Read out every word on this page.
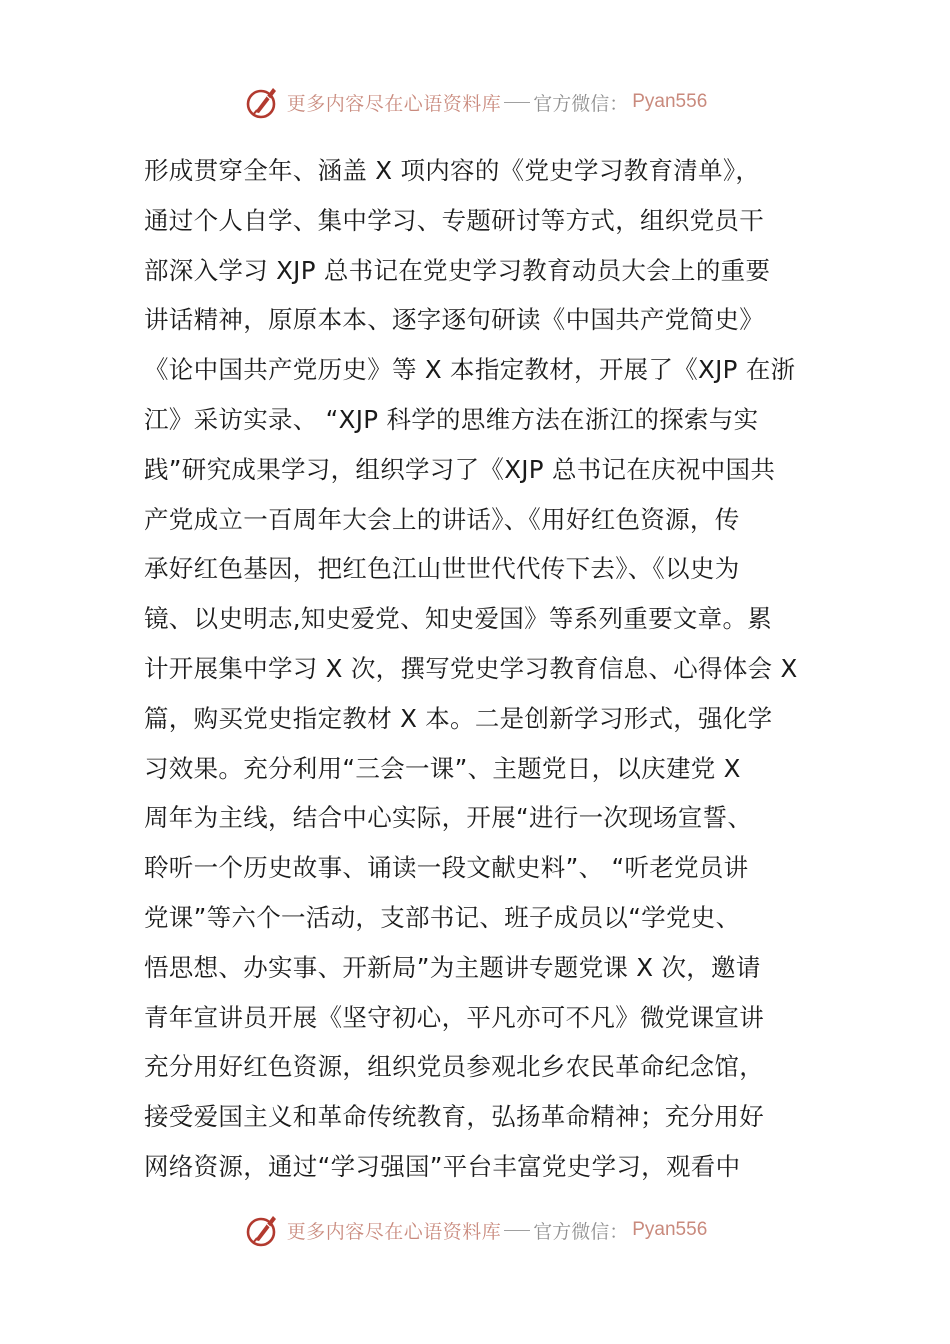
更多内容尽在心语资料库 官方微信： Pyan556
形成贯穿全年、涵盖 X 项内容的《党史学习教育清单》，
通过个人自学、集中学习、专题研讨等方式，组织党员干
部深入学习 XJP 总书记在党史学习教育动员大会上的重要
讲话精神，原原本本、逐字逐句研读《中国共产党简史》
《论中国共产党历史》等 X 本指定教材，开展了《XJP 在浙
江》采访实录、 “XJP 科学的思维方法在浙江的探索与实
践”研究成果学习，组织学习了《XJP 总书记在庆祝中国共
产党成立一百周年大会上的讲话》、《用好红色资源，传
承好红色基因，把红色江山世世代代传下去》、《以史为
镜、以史明志,知史爱党、知史爱国》等系列重要文章。累
计开展集中学习 X 次，撰写党史学习教育信息、心得体会 X
篇，购买党史指定教材 X 本。二是创新学习形式，强化学
习效果。充分利用“三会一课”、主题党日，以庆建党 X
周年为主线，结合中心实际，开展“进行一次现场宣誓、
聆听一个历史故事、诵读一段文献史料”、 “听老党员讲
党课”等六个一活动，支部书记、班子成员以“学党史、
悟思想、办实事、开新局”为主题讲专题党课 X 次，邀请
青年宣讲员开展《坚守初心，平凡亦可不凡》微党课宣讲
充分用好红色资源，组织党员参观北乡农民革命纪念馆，
接受爱国主义和革命传统教育，弘扬革命精神；充分用好
网络资源，通过“学习强国”平台丰富党史学习，观看中
更多内容尽在心语资料库 官方微信： Pyan556
